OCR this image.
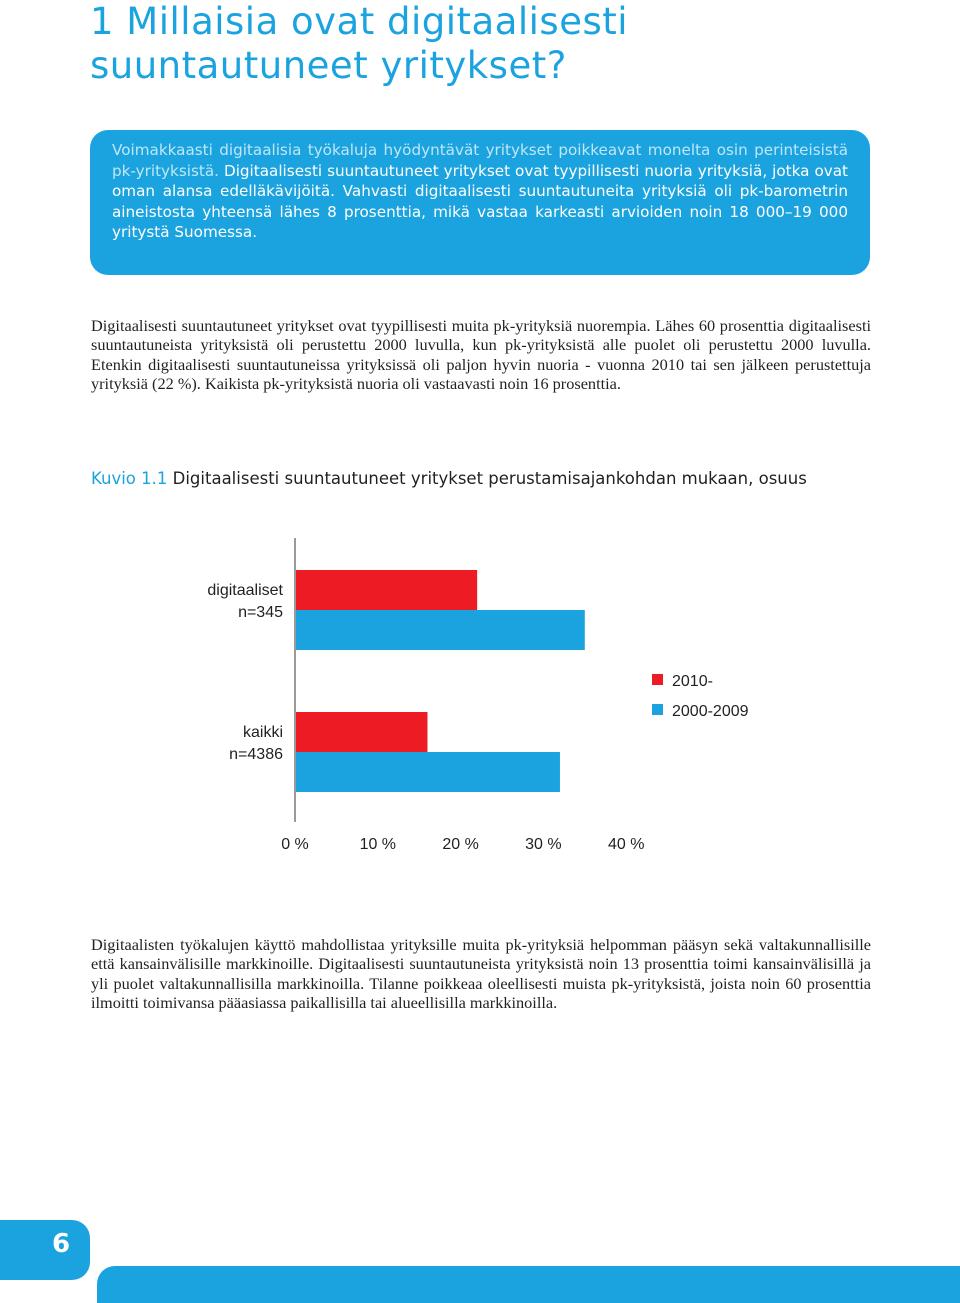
1 Millaisia ovat digitaalisesti
suuntautuneet yritykset?
Voimakkaasti digitaalisia työkaluja hyödyntävät yritykset poikkeavat monelta osin perinteisistä pk-yrityksistä. Digitaalisesti suuntautuneet yritykset ovat tyypillisesti nuoria yrityksiä, jotka ovat oman alansa edelläkävijöitä. Vahvasti digitaalisesti suuntautuneita yrityksiä oli pk-barometrin aineistosta yhteensä lähes 8 prosenttia, mikä vastaa karkeasti arvioiden noin 18 000–19 000 yritystä Suomessa.

Digitaalisesti suuntautuneet yritykset ovat tyypillisesti muita pk-yrityksiä nuorempia. Lähes 60 prosenttia digitaalisesti suuntautuneista yrityksistä oli perustettu 2000 luvulla, kun pk-yrityksistä alle puolet oli perustettu 2000 luvulla. Etenkin digitaalisesti suuntautuneissa yrityksissä oli paljon hyvin nuoria - vuonna 2010 tai sen jälkeen perustettuja yrityksiä (22 %). Kaikista pk-yrityksistä nuoria oli vastaavasti noin 16 prosenttia.

Kuvio 1.1 Digitaalisesti suuntautuneet yritykset perustamisajankohdan mukaan, osuus
digitaaliset
n=345
kaikki
n=4386
0 %	10 %	20 %	30 %	40 %
2010-
2000-2009

Digitaalisten työkalujen käyttö mahdollistaa yrityksille muita pk-yrityksiä helpomman pääsyn sekä valtakunnallisille että kansainvälisille markkinoille. Digitaalisesti suuntautuneista yrityksistä noin 13 prosenttia toimi kansainvälisillä ja yli puolet valtakunnallisilla markkinoilla. Tilanne poikkeaa oleellisesti muista pk-yrityksistä, joista noin 60 prosenttia ilmoitti toimivansa pääasiassa paikallisilla tai alueellisilla markkinoilla.

6
